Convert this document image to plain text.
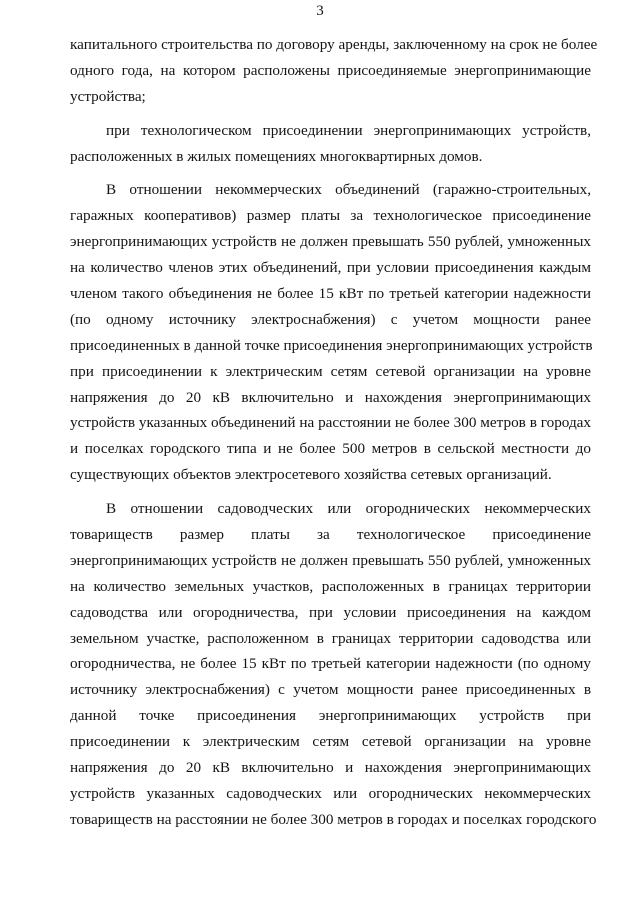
3
капитального строительства по договору аренды, заключенному на срок не более
одного года, на котором расположены присоединяемые энергопринимающие
устройства;
при технологическом присоединении энергопринимающих устройств,
расположенных в жилых помещениях многоквартирных домов.
В отношении некоммерческих объединений (гаражно-строительных,
гаражных кооперативов) размер платы за технологическое присоединение
энергопринимающих устройств не должен превышать 550 рублей, умноженных
на количество членов этих объединений, при условии присоединения каждым
членом такого объединения не более 15 кВт по третьей категории надежности
(по одному источнику электроснабжения) с учетом мощности ранее
присоединенных в данной точке присоединения энергопринимающих устройств
при присоединении к электрическим сетям сетевой организации на уровне
напряжения до 20 кВ включительно и нахождения энергопринимающих
устройств указанных объединений на расстоянии не более 300 метров в городах
и поселках городского типа и не более 500 метров в сельской местности до
существующих объектов электросетевого хозяйства сетевых организаций.
В отношении садоводческих или огороднических некоммерческих
товариществ размер платы за технологическое присоединение
энергопринимающих устройств не должен превышать 550 рублей, умноженных
на количество земельных участков, расположенных в границах территории
садоводства или огородничества, при условии присоединения на каждом
земельном участке, расположенном в границах территории садоводства или
огородничества, не более 15 кВт по третьей категории надежности (по одному
источнику электроснабжения) с учетом мощности ранее присоединенных в
данной точке присоединения энергопринимающих устройств при
присоединении к электрическим сетям сетевой организации на уровне
напряжения до 20 кВ включительно и нахождения энергопринимающих
устройств указанных садоводческих или огороднических некоммерческих
товариществ на расстоянии не более 300 метров в городах и поселках городского
